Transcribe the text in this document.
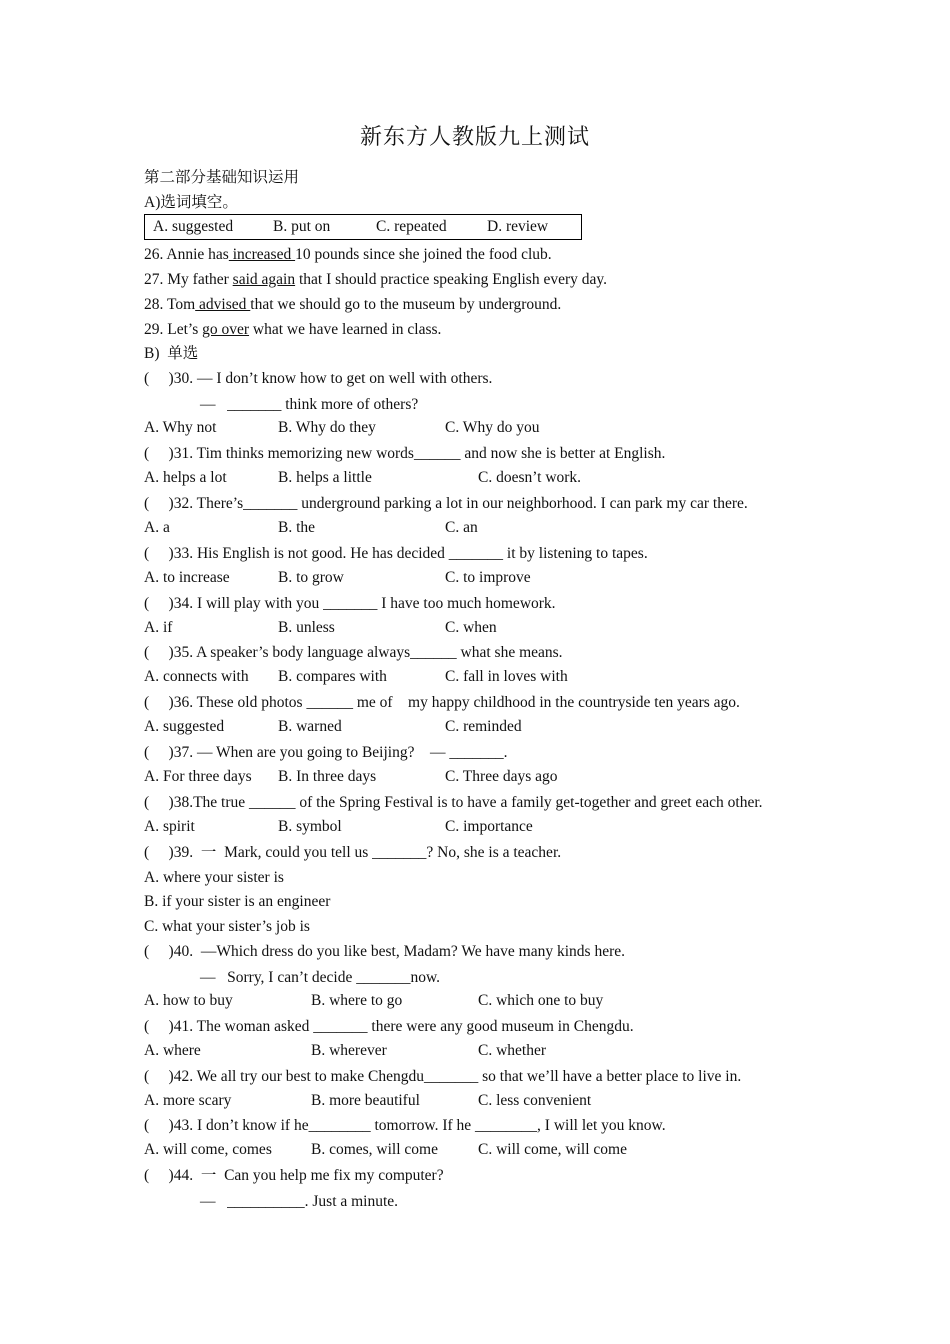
新东方人教版九上测试
第二部分基础知识运用
A)选词填空。
A. suggested	B. put on	C. repeated	D. review
26. Annie has increased 10 pounds since she joined the food club.
27. My father said again that I should practice speaking English every day.
28. Tom advised that we should go to the museum by underground.
29. Let’s go over what we have learned in class.
B)  单选
(     )30. — I don’t know how to get on well with others.
—   _______ think more of others?
A. Why not	B. Why do they	C. Why do you
(     )31. Tim thinks memorizing new words______ and now she is better at English.
A. helps a lot	B. helps a little	C. doesn’t work.
(     )32. There’s_______ underground parking a lot in our neighborhood. I can park my car there.
A. a	B. the	C. an
(     )33. His English is not good. He has decided _______ it by listening to tapes.
A. to increase	B. to grow	C. to improve
(     )34. I will play with you _______ I have too much homework.
A. if	B. unless	C. when
(     )35. A speaker’s body language always______ what she means.
A. connects with B. compares with	C. fall in loves with
(     )36. These old photos ______ me of    my happy childhood in the countryside ten years ago.
A. suggested	B. warned	C. reminded
(     )37. — When are you going to Beijing?    — _______.
A. For three days B. In three days	C. Three days ago
(     )38.The true ______ of the Spring Festival is to have a family get-together and greet each other.
A. spirit	B. symbol	C. importance
(     )39.  一  Mark, could you tell us _______? No, she is a teacher.
A. where your sister is
B. if your sister is an engineer
C. what your sister’s job is
(     )40.  —Which dress do you like best, Madam? We have many kinds here.
—   Sorry, I can’t decide _______now.
A. how to buy	B. where to go	C. which one to buy
(     )41. The woman asked _______ there were any good museum in Chengdu.
A. where	B. wherever	C. whether
(     )42. We all try our best to make Chengdu_______ so that we’ll have a better place to live in.
A. more scary	B. more beautiful	C. less convenient
(     )43. I don’t know if he________ tomorrow. If he ________, I will let you know.
A. will come, comes	B. comes, will come	C. will come, will come
(     )44.  一  Can you help me fix my computer?
—   __________. Just a minute.
